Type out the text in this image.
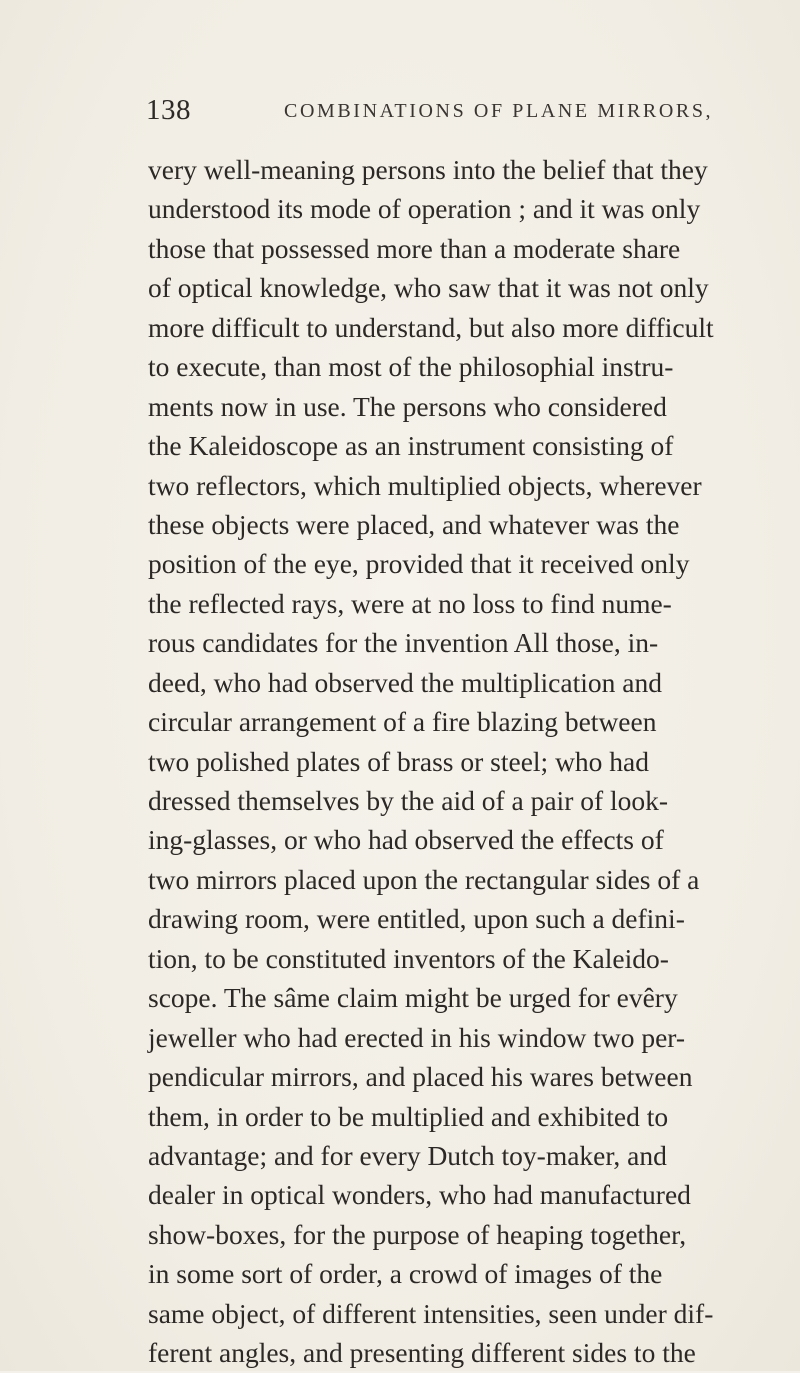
138	COMBINATIONS OF PLANE MIRRORS,
very well-meaning persons into the belief that they
understood its mode of operation ; and it was only
those that possessed more than a moderate share
of optical knowledge, who saw that it was not only
more difficult to understand, but also more difficult
to execute, than most of the philosophial instru-
ments now in use. The persons who considered
the Kaleidoscope as an instrument consisting of
two reflectors, which multiplied objects, wherever
these objects were placed, and whatever was the
position of the eye, provided that it received only
the reflected rays, were at no loss to find nume-
rous candidates for the invention All those, in-
deed, who had observed the multiplication and
circular arrangement of a fire blazing between
two polished plates of brass or steel; who had
dressed themselves by the aid of a pair of look-
ing-glasses, or who had observed the effects of
two mirrors placed upon the rectangular sides of a
drawing room, were entitled, upon such a defini-
tion, to be constituted inventors of the Kaleido-
scope. The sâme claim might be urged for evêry
jeweller who had erected in his window two per-
pendicular mirrors, and placed his wares between
them, in order to be multiplied and exhibited to
advantage; and for every Dutch toy-maker, and
dealer in optical wonders, who had manufactured
show-boxes, for the purpose of heaping together,
in some sort of order, a crowd of images of the
same object, of different intensities, seen under dif-
ferent angles, and presenting different sides to the
